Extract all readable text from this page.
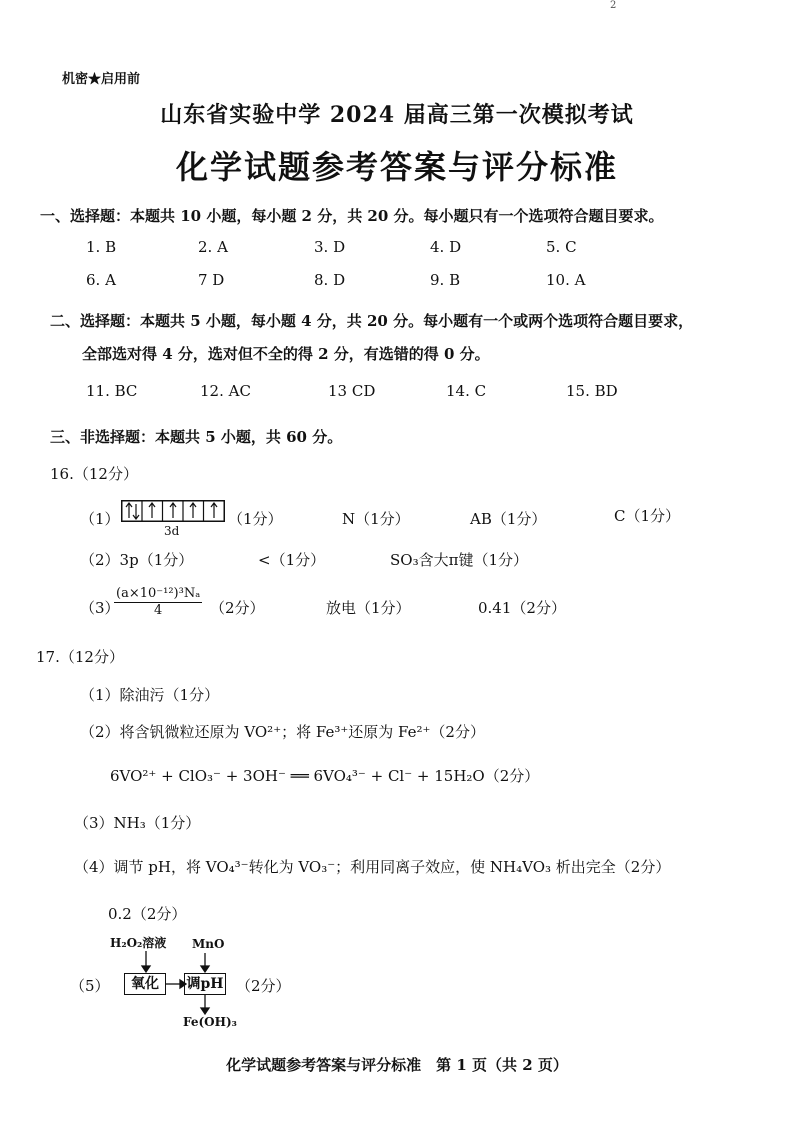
2
机密★启用前
山东省实验中学 2024 届高三第一次模拟考试
化学试题参考答案与评分标准
一、选择题：本题共 10 小题，每小题 2 分，共 20 分。每小题只有一个选项符合题目要求。
1. B	2. A	3. D	4. D	5. C
6. A	7 D	8. D	9. B	10. A
二、选择题：本题共 5 小题，每小题 4 分，共 20 分。每小题有一个或两个选项符合题目要求，
全部选对得 4 分，选对但不全的得 2 分，有选错的得 0 分。
11. BC	12. AC	13 CD	14. C	15. BD
三、非选择题：本题共 5 小题，共 60 分。
16.（12分）
（1）
3d
（1分）	N（1分）	AB（1分）	C（1分）
（2）3p（1分）	<（1分）	SO₃含大π键（1分）
（3）
$\frac{\text{(a×10⁻¹²)³Nₐ}}{4} (2$分）	放电（1分）	0.41（2分）
17.（12分）
（1）除油污（1分）
（2）将含钒微粒还原为 VO²⁺；将 Fe³⁺还原为 Fe²⁺（2分）
6VO²⁺ + ClO₃⁻ + 3OH⁻ ══ 6VO₄³⁻ + Cl⁻ + 15H₂O（2分）
（3）NH₃（1分）
（4）调节 pH，将 VO₄³⁻转化为 VO₃⁻；利用同离子效应，使 NH₄VO₃ 析出完全（2分）
0.2（2分）
（5）
H₂O₂溶液 MnO
氧化	调pH
Fe(OH)₃
（2分）
化学试题参考答案与评分标准　第 1 页（共 2 页）
